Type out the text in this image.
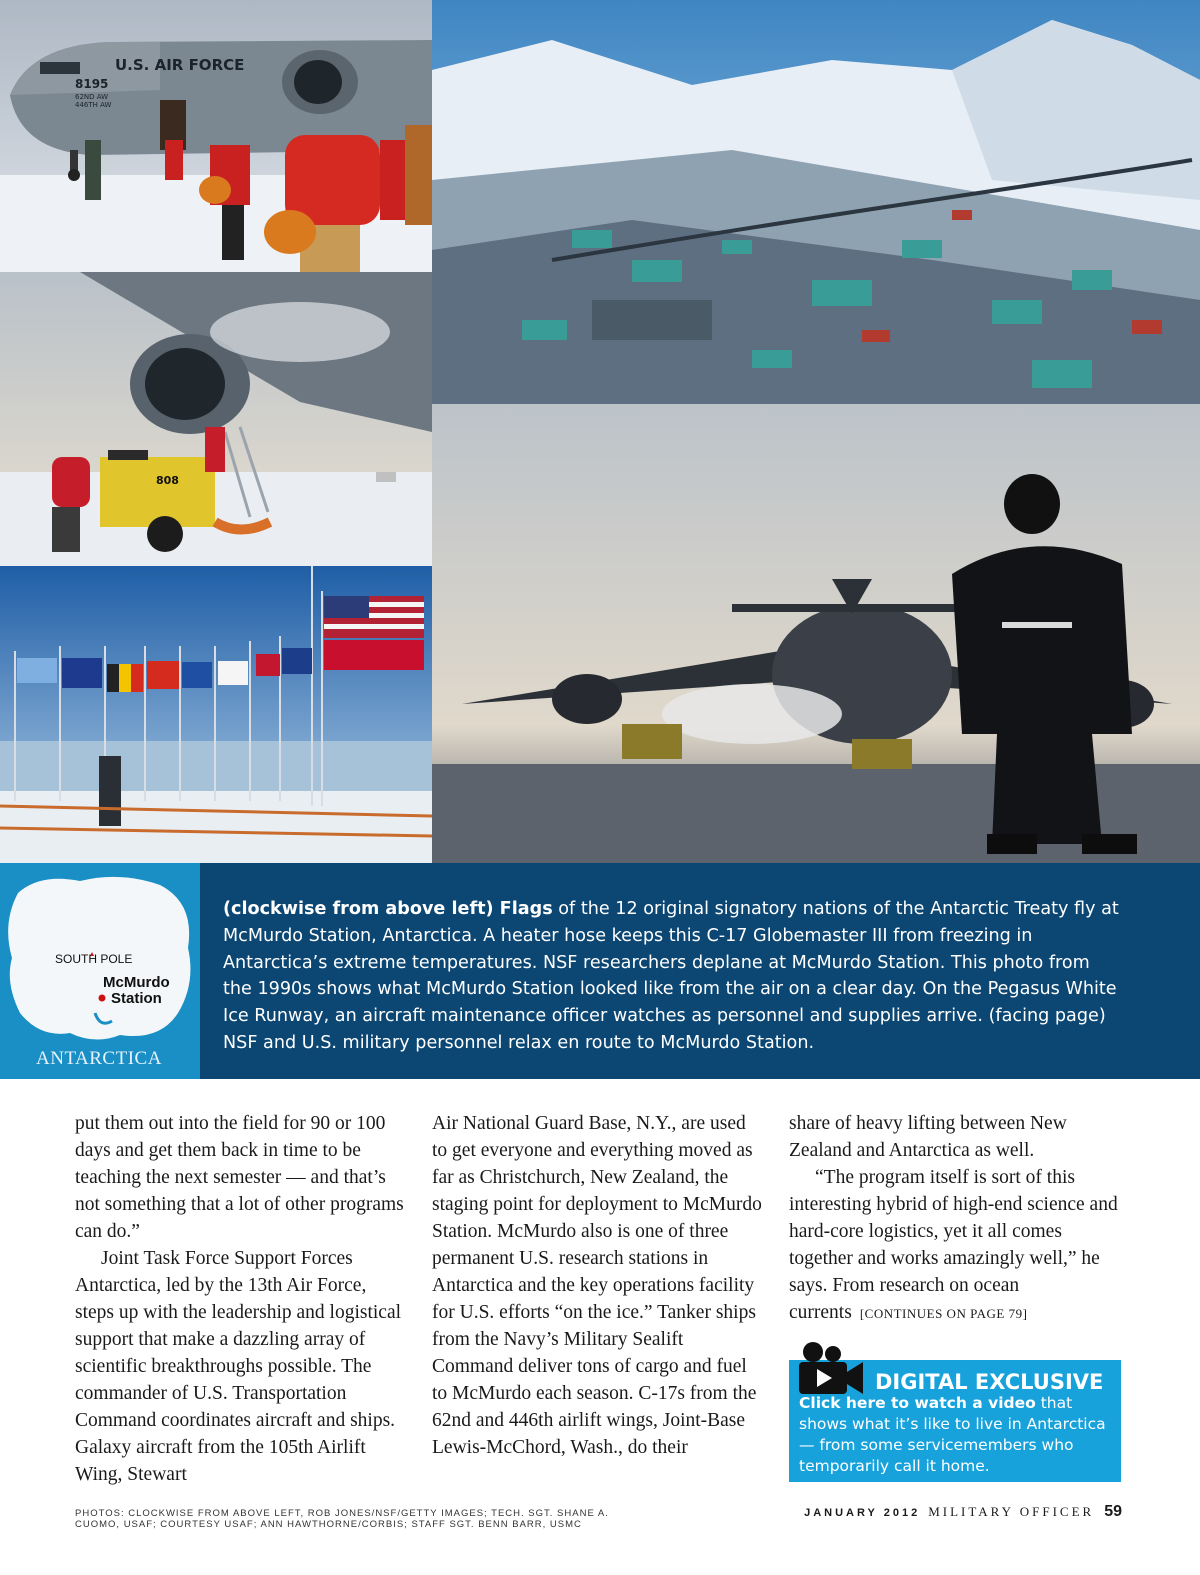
U.S. AIR FORCE
8195
62ND AW
446TH AW
808
SOUTH POLE
McMurdo
Station
ANTARCTICA
(clockwise from above left) Flags of the 12 original signatory nations of the Antarctic Treaty fly at McMurdo Station, Antarctica. A heater hose keeps this C-17 Globemaster III from freezing in Antarctica’s extreme temperatures. NSF researchers deplane at McMurdo Station. This photo from the 1990s shows what McMurdo Station looked like from the air on a clear day. On the Pegasus White Ice Runway, an aircraft maintenance officer watches as personnel and supplies arrive. (facing page) NSF and U.S. military personnel relax en route to McMurdo Station.

put them out into the field for 90 or 100 days and get them back in time to be teaching the next semester — and that’s not something that a lot of other programs can do.”

Joint Task Force Support Forces Antarctica, led by the 13th Air Force, steps up with the leadership and logistical support that make a dazzling array of scientific breakthroughs possible. The commander of U.S. Transportation Command coordinates aircraft and ships. Galaxy aircraft from the 105th Airlift Wing, Stewart

Air National Guard Base, N.Y., are used to get everyone and everything moved as far as Christchurch, New Zealand, the staging point for deployment to McMurdo Station. McMurdo also is one of three permanent U.S. research stations in Antarctica and the key operations facility for U.S. efforts “on the ice.” Tanker ships from the Navy’s Military Sealift Command deliver tons of cargo and fuel to McMurdo each season. C-17s from the 62nd and 446th airlift wings, Joint-Base Lewis-McChord, Wash., do their

share of heavy lifting between New Zealand and Antarctica as well.

“The program itself is sort of this interesting hybrid of high-end science and hard-core logistics, yet it all comes together and works amazingly well,” he says. From research on ocean currents [CONTINUES ON PAGE 79]

DIGITAL EXCLUSIVE
Click here to watch a video that shows what it’s like to live in Antarctica — from some servicemembers who temporarily call it home.
PHOTOS: CLOCKWISE FROM ABOVE LEFT, ROB JONES/NSF/GETTY IMAGES; TECH. SGT. SHANE A. CUOMO, USAF; COURTESY USAF; ANN HAWTHORNE/CORBIS; STAFF SGT. BENN BARR, USMC
JANUARY 2012 MILITARY OFFICER 59
